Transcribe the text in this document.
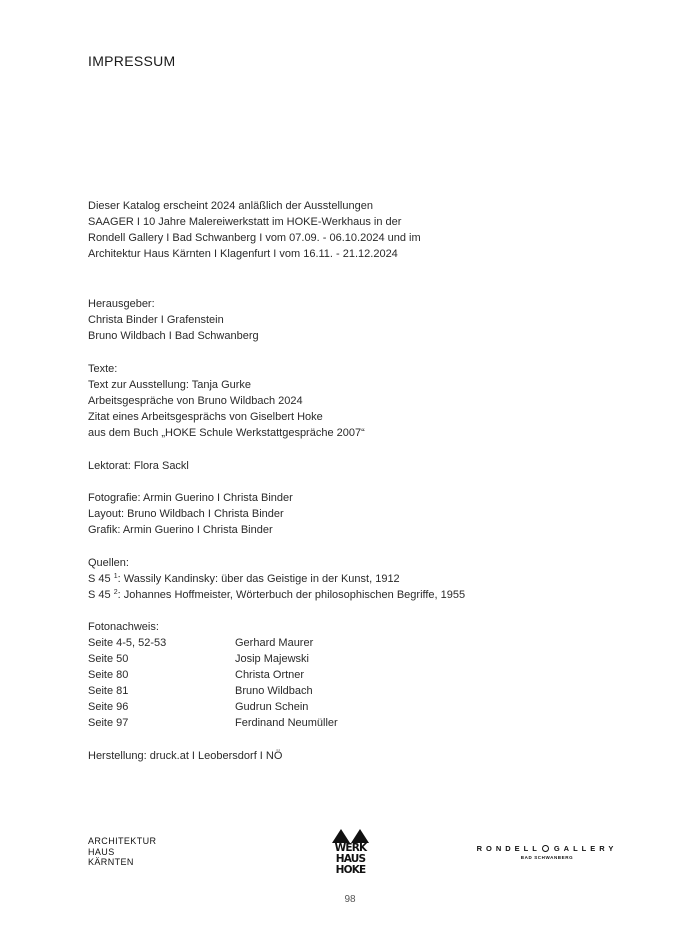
IMPRESSUM
Dieser Katalog erscheint 2024 anläßlich der Ausstellungen
SAAGER I 10 Jahre Malereiwerkstatt im HOKE-Werkhaus in der
Rondell Gallery I Bad Schwanberg I vom 07.09. - 06.10.2024 und im
Architektur Haus Kärnten I Klagenfurt I vom 16.11. - 21.12.2024
Herausgeber:
Christa Binder I Grafenstein
Bruno Wildbach I Bad Schwanberg
Texte:
Text zur Ausstellung: Tanja Gurke
Arbeitsgespräche von Bruno Wildbach 2024
Zitat eines Arbeitsgesprächs von Giselbert Hoke
aus dem Buch „HOKE Schule Werkstattgespräche 2007“
Lektorat: Flora Sackl
Fotografie: Armin Guerino I Christa Binder
Layout: Bruno Wildbach I Christa Binder
Grafik: Armin Guerino I Christa Binder
Quellen:
S 45 $^1$: Wassily Kandinsky: über das Geistige in der Kunst, 1912
S 45 $^2$: Johannes Hoffmeister, Wörterbuch der philosophischen Begriffe, 1955
Fotonachweis:
Seite 4-5, 52-53	Gerhard Maurer
Seite 50	Josip Majewski
Seite 80	Christa Ortner
Seite 81	Bruno Wildbach
Seite 96	Gudrun Schein
Seite 97	Ferdinand Neumüller
Herstellung: druck.at I Leobersdorf I NÖ
ARCHITEKTUR
HAUS
KÄRNTEN
WERK
HAUS
HOKE
RONDELL GALLERY
BAD SCHWANBERG
98
